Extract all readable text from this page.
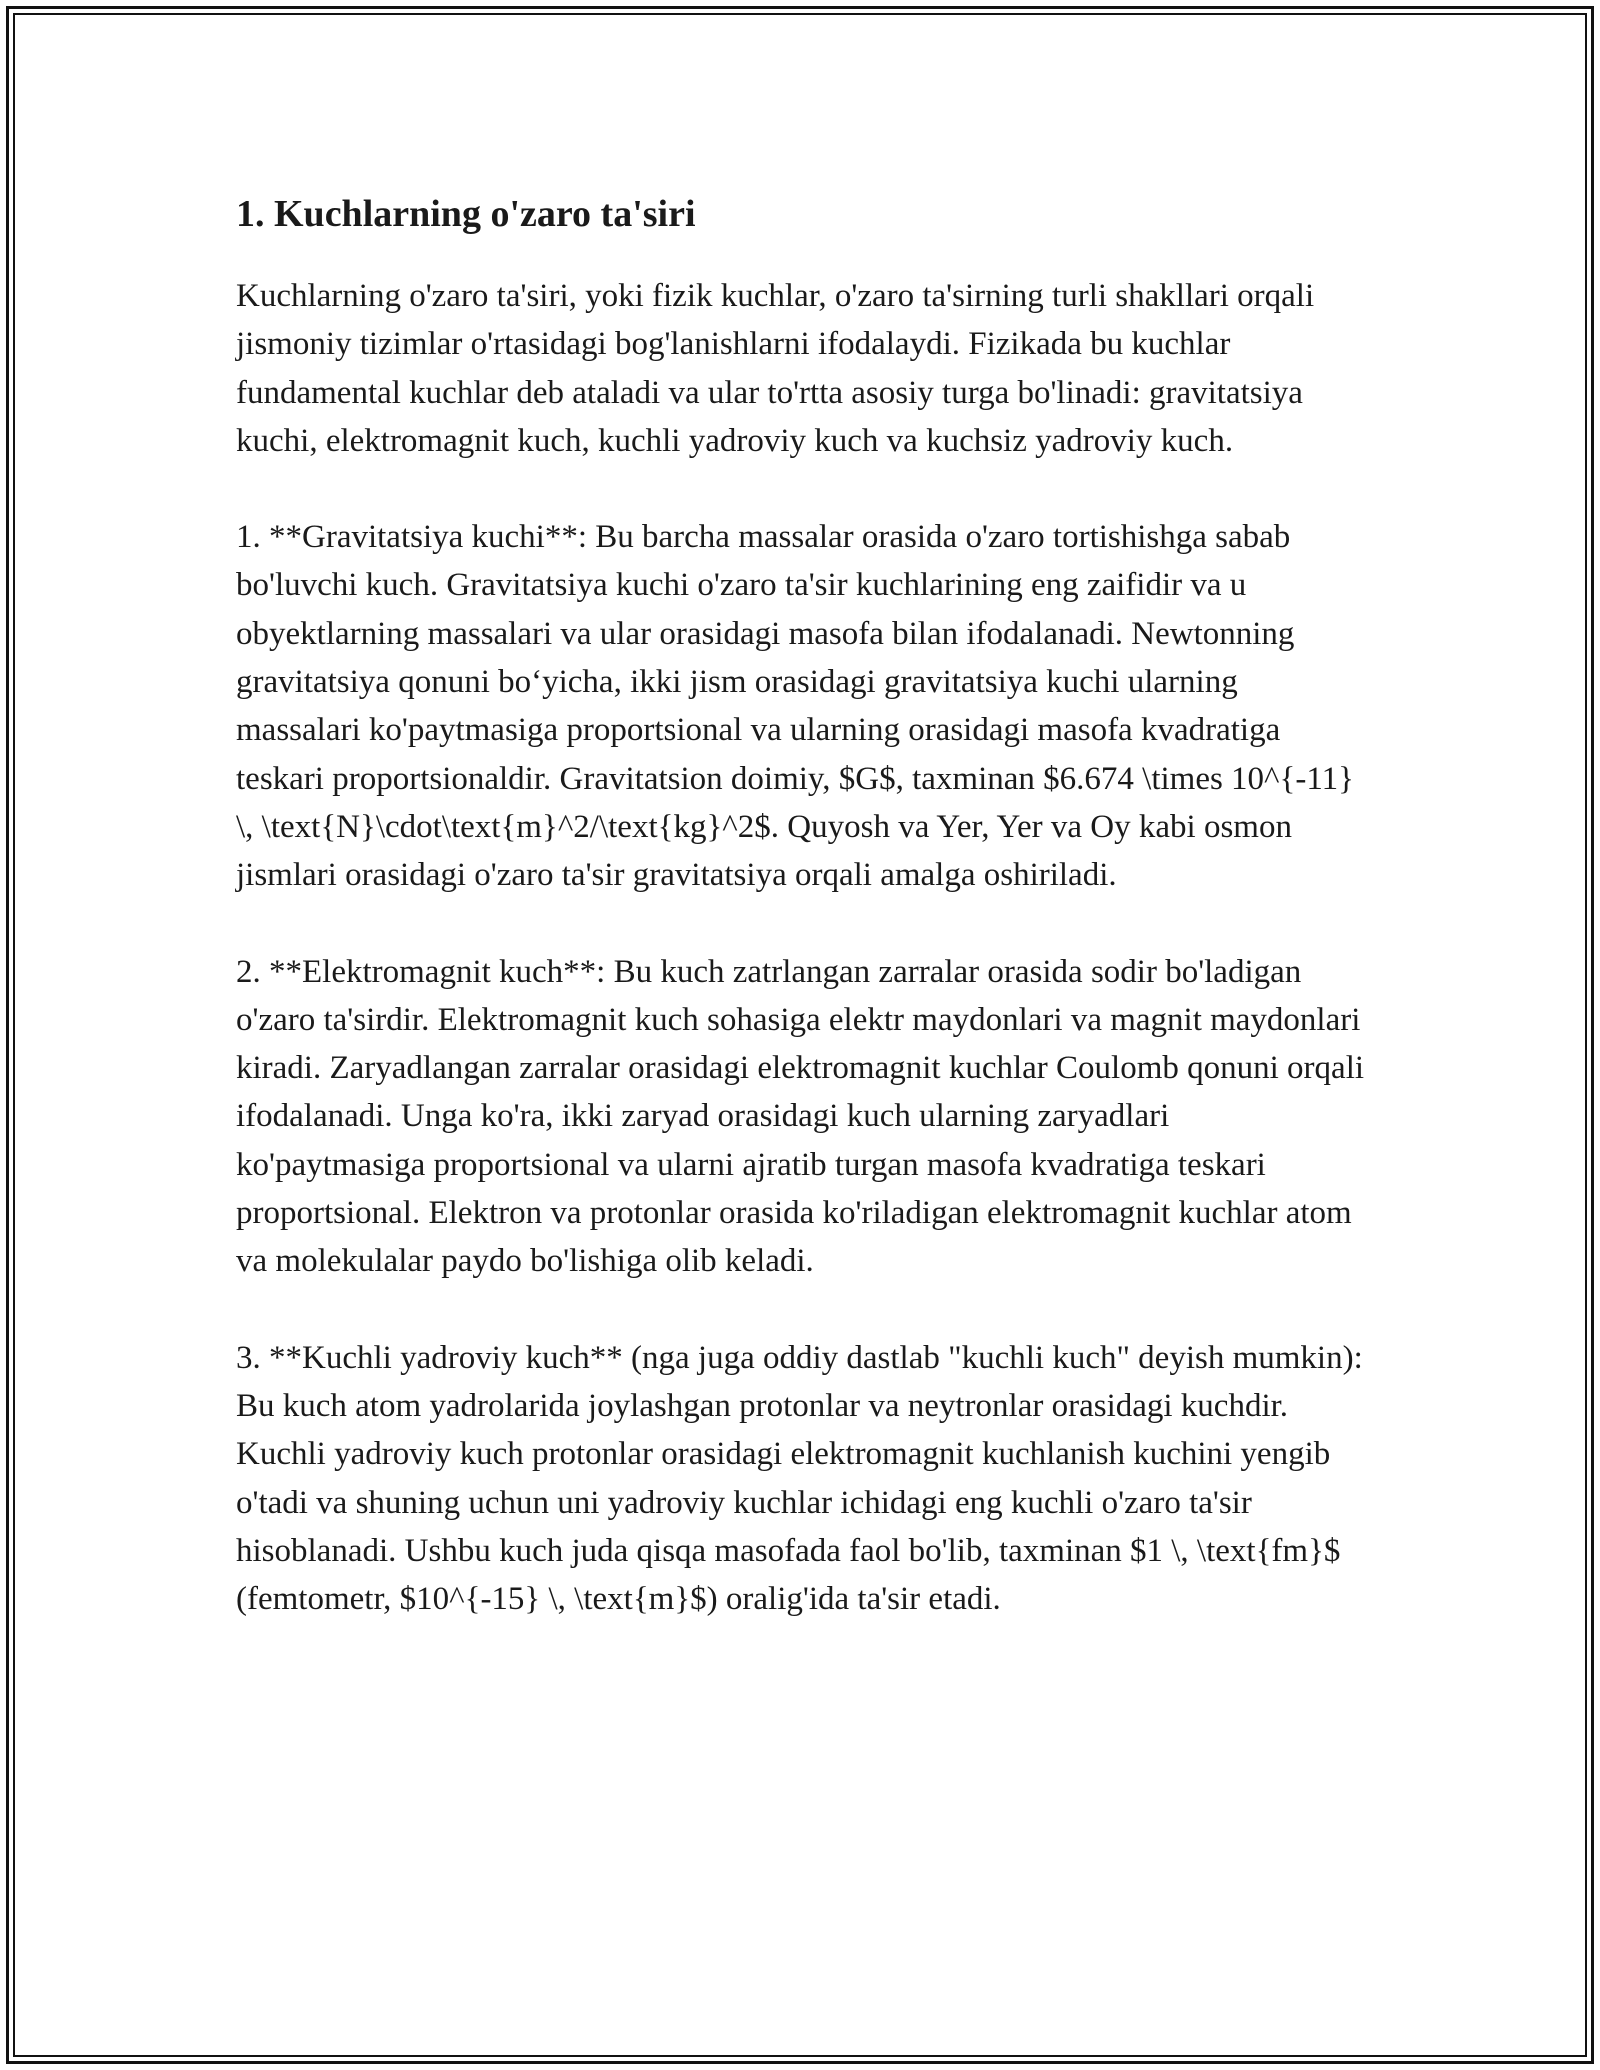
1. Kuchlarning o'zaro ta'siri

Kuchlarning o'zaro ta'siri, yoki fizik kuchlar, o'zaro ta'sirning turli shakllari orqali jismoniy tizimlar o'rtasidagi bog'lanishlarni ifodalaydi. Fizikada bu kuchlar fundamental kuchlar deb ataladi va ular to'rtta asosiy turga bo'linadi: gravitatsiya kuchi, elektromagnit kuch, kuchli yadroviy kuch va kuchsiz yadroviy kuch.

1. **Gravitatsiya kuchi**: Bu barcha massalar orasida o'zaro tortishishga sabab bo'luvchi kuch. Gravitatsiya kuchi o'zaro ta'sir kuchlarining eng zaifidir va u obyektlarning massalari va ular orasidagi masofa bilan ifodalanadi. Newtonning gravitatsiya qonuni bo‘yicha, ikki jism orasidagi gravitatsiya kuchi ularning massalari ko'paytmasiga proportsional va ularning orasidagi masofa kvadratiga teskari proportsionaldir. Gravitatsion doimiy, $G$, taxminan $6.674 \times 10^{-11} \, \text{N}\cdot\text{m}^2/\text{kg}^2$. Quyosh va Yer, Yer va Oy kabi osmon jismlari orasidagi o'zaro ta'sir gravitatsiya orqali amalga oshiriladi.

2. **Elektromagnit kuch**: Bu kuch zatrlangan zarralar orasida sodir bo'ladigan o'zaro ta'sirdir. Elektromagnit kuch sohasiga elektr maydonlari va magnit maydonlari kiradi. Zaryadlangan zarralar orasidagi elektromagnit kuchlar Coulomb qonuni orqali ifodalanadi. Unga ko'ra, ikki zaryad orasidagi kuch ularning zaryadlari ko'paytmasiga proportsional va ularni ajratib turgan masofa kvadratiga teskari proportsional. Elektron va protonlar orasida ko'riladigan elektromagnit kuchlar atom va molekulalar paydo bo'lishiga olib keladi.

3. **Kuchli yadroviy kuch** (nga juga oddiy dastlab "kuchli kuch" deyish mumkin): Bu kuch atom yadrolarida joylashgan protonlar va neytronlar orasidagi kuchdir. Kuchli yadroviy kuch protonlar orasidagi elektromagnit kuchlanish kuchini yengib o'tadi va shuning uchun uni yadroviy kuchlar ichidagi eng kuchli o'zaro ta'sir hisoblanadi. Ushbu kuch juda qisqa masofada faol bo'lib, taxminan $1 \, \text{fm}$ (femtometr, $10^{-15} \, \text{m}$) oralig'ida ta'sir etadi.
